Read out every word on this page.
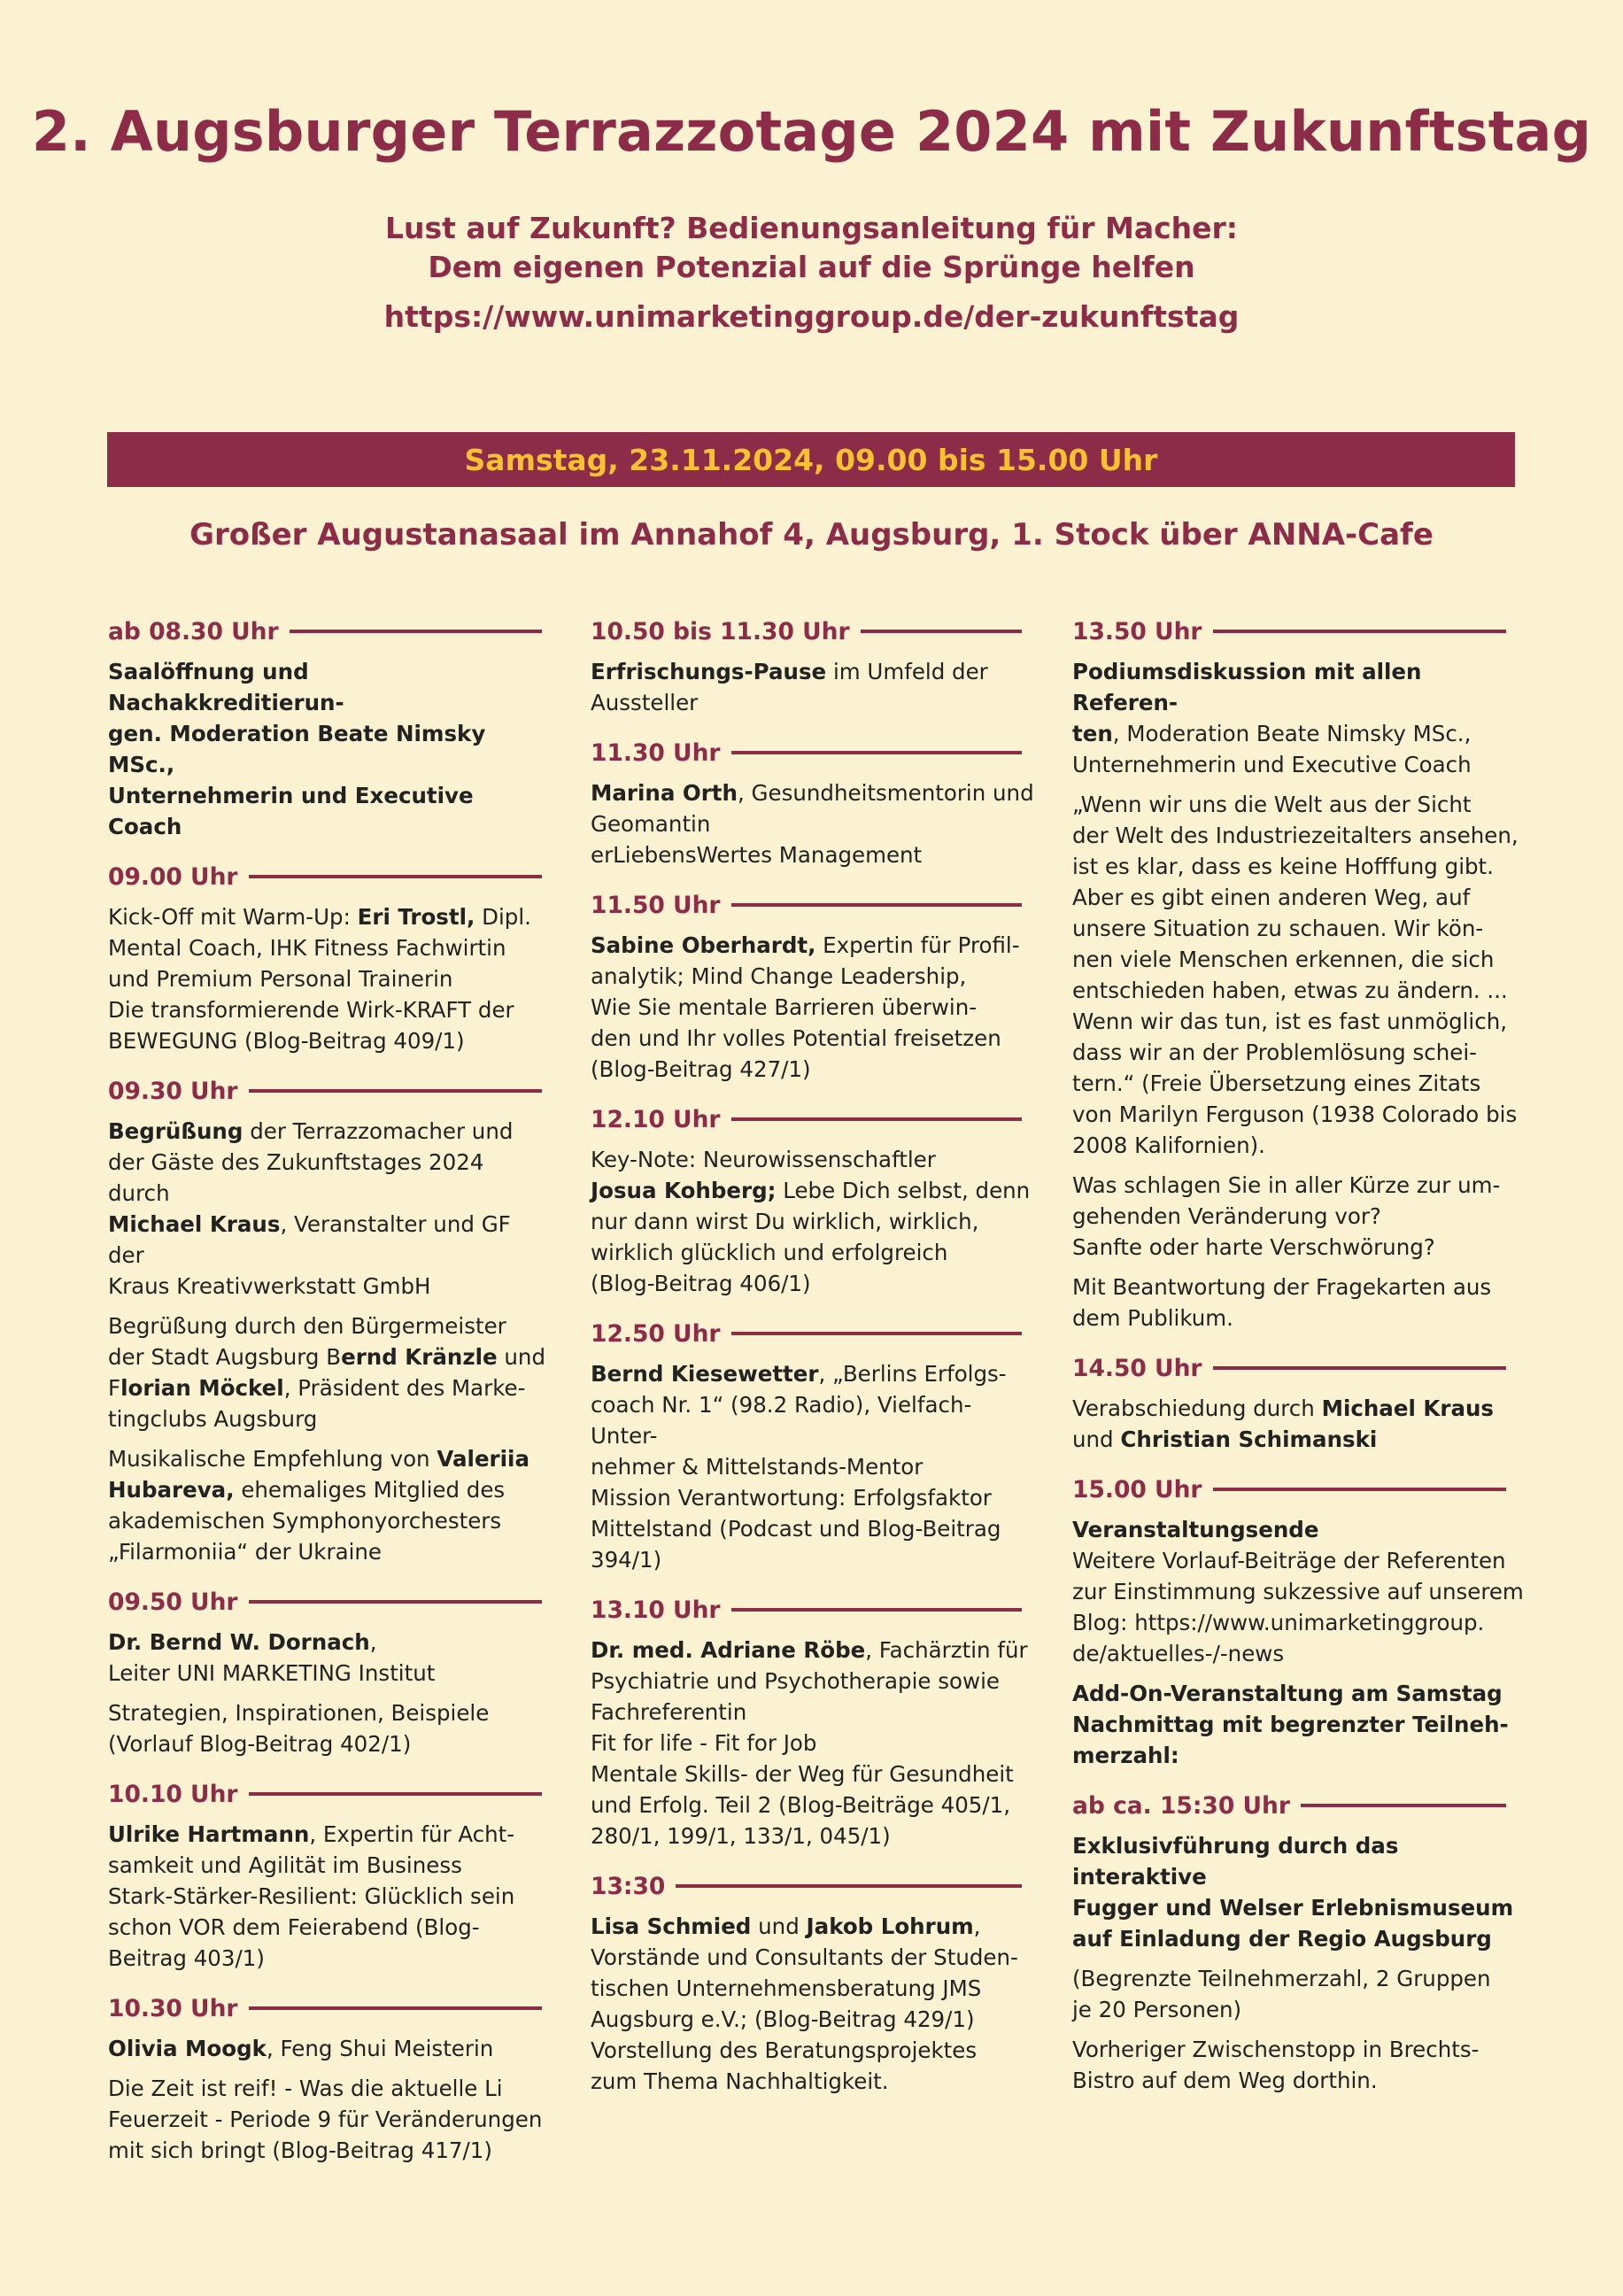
2. Augsburger Terrazzotage 2024 mit Zukunftstag
Lust auf Zukunft? Bedienungsanleitung für Macher:
Dem eigenen Potenzial auf die Sprünge helfen
https://www.unimarketinggroup.de/der-zukunftstag
Samstag, 23.11.2024, 09.00 bis 15.00 Uhr
Großer Augustanasaal im Annahof 4, Augsburg, 1. Stock über ANNA-Cafe
ab 08.30 Uhr
Saalöffnung und Nachakkreditierun-
gen. Moderation Beate Nimsky MSc.,
Unternehmerin und Executive Coach
09.00 Uhr
Kick-Off mit Warm-Up: Eri Trostl, Dipl.
Mental Coach, IHK Fitness Fachwirtin
und Premium Personal Trainerin
Die transformierende Wirk-KRAFT der
BEWEGUNG (Blog-Beitrag 409/1)
09.30 Uhr
Begrüßung der Terrazzomacher und
der Gäste des Zukunftstages 2024 durch
Michael Kraus, Veranstalter und GF der
Kraus Kreativwerkstatt GmbH
Begrüßung durch den Bürgermeister
der Stadt Augsburg Bernd Kränzle und
Florian Möckel, Präsident des Marke-
tingclubs Augsburg
Musikalische Empfehlung von Valeriia
Hubareva, ehemaliges Mitglied des
akademischen Symphonyorchesters
„Filarmoniia“ der Ukraine
09.50 Uhr
Dr. Bernd W. Dornach,
Leiter UNI MARKETING Institut
Strategien, Inspirationen, Beispiele
(Vorlauf Blog-Beitrag 402/1)
10.10 Uhr
Ulrike Hartmann, Expertin für Acht-
samkeit und Agilität im Business
Stark-Stärker-Resilient: Glücklich sein
schon VOR dem Feierabend (Blog-
Beitrag 403/1)
10.30 Uhr
Olivia Moogk, Feng Shui Meisterin
Die Zeit ist reif! - Was die aktuelle Li
Feuerzeit - Periode 9 für Veränderungen
mit sich bringt (Blog-Beitrag 417/1)
10.50 bis 11.30 Uhr
Erfrischungs-Pause im Umfeld der
Aussteller
11.30 Uhr
Marina Orth, Gesundheitsmentorin und
Geomantin
erLiebensWertes Management
11.50 Uhr
Sabine Oberhardt, Expertin für Profil-
analytik; Mind Change Leadership,
Wie Sie mentale Barrieren überwin-
den und Ihr volles Potential freisetzen
(Blog-Beitrag 427/1)
12.10 Uhr
Key-Note: Neurowissenschaftler
Josua Kohberg; Lebe Dich selbst, denn
nur dann wirst Du wirklich, wirklich,
wirklich glücklich und erfolgreich
(Blog-Beitrag 406/1)
12.50 Uhr
Bernd Kiesewetter, „Berlins Erfolgs-
coach Nr. 1“ (98.2 Radio), Vielfach-Unter-
nehmer & Mittelstands-Mentor
Mission Verantwortung: Erfolgsfaktor
Mittelstand (Podcast und Blog-Beitrag
394/1)
13.10 Uhr
Dr. med. Adriane Röbe, Fachärztin für
Psychiatrie und Psychotherapie sowie
Fachreferentin
Fit for life - Fit for Job
Mentale Skills- der Weg für Gesundheit
und Erfolg. Teil 2 (Blog-Beiträge 405/1,
280/1, 199/1, 133/1, 045/1)
13:30
Lisa Schmied und Jakob Lohrum,
Vorstände und Consultants der Studen-
tischen Unternehmensberatung JMS
Augsburg e.V.; (Blog-Beitrag 429/1)
Vorstellung des Beratungsprojektes
zum Thema Nachhaltigkeit.
13.50 Uhr
Podiumsdiskussion mit allen Referen-
ten, Moderation Beate Nimsky MSc.,
Unternehmerin und Executive Coach
„Wenn wir uns die Welt aus der Sicht
der Welt des Industriezeitalters ansehen,
ist es klar, dass es keine Hofffung gibt.
Aber es gibt einen anderen Weg, auf
unsere Situation zu schauen. Wir kön-
nen viele Menschen erkennen, die sich
entschieden haben, etwas zu ändern. ...
Wenn wir das tun, ist es fast unmöglich,
dass wir an der Problemlösung schei-
tern.“ (Freie Übersetzung eines Zitats
von Marilyn Ferguson (1938 Colorado bis
2008 Kalifornien).
Was schlagen Sie in aller Kürze zur um-
gehenden Veränderung vor?
Sanfte oder harte Verschwörung?
Mit Beantwortung der Fragekarten aus
dem Publikum.
14.50 Uhr
Verabschiedung durch Michael Kraus
und Christian Schimanski
15.00 Uhr
Veranstaltungsende
Weitere Vorlauf-Beiträge der Referenten
zur Einstimmung sukzessive auf unserem
Blog: https://www.unimarketinggroup.
de/aktuelles-/-news
Add-On-Veranstaltung am Samstag
Nachmittag mit begrenzter Teilneh-
merzahl:
ab ca. 15:30 Uhr
Exklusivführung durch das interaktive
Fugger und Welser Erlebnismuseum
auf Einladung der Regio Augsburg
(Begrenzte Teilnehmerzahl, 2 Gruppen
je 20 Personen)
Vorheriger Zwischenstopp in Brechts-
Bistro auf dem Weg dorthin.
